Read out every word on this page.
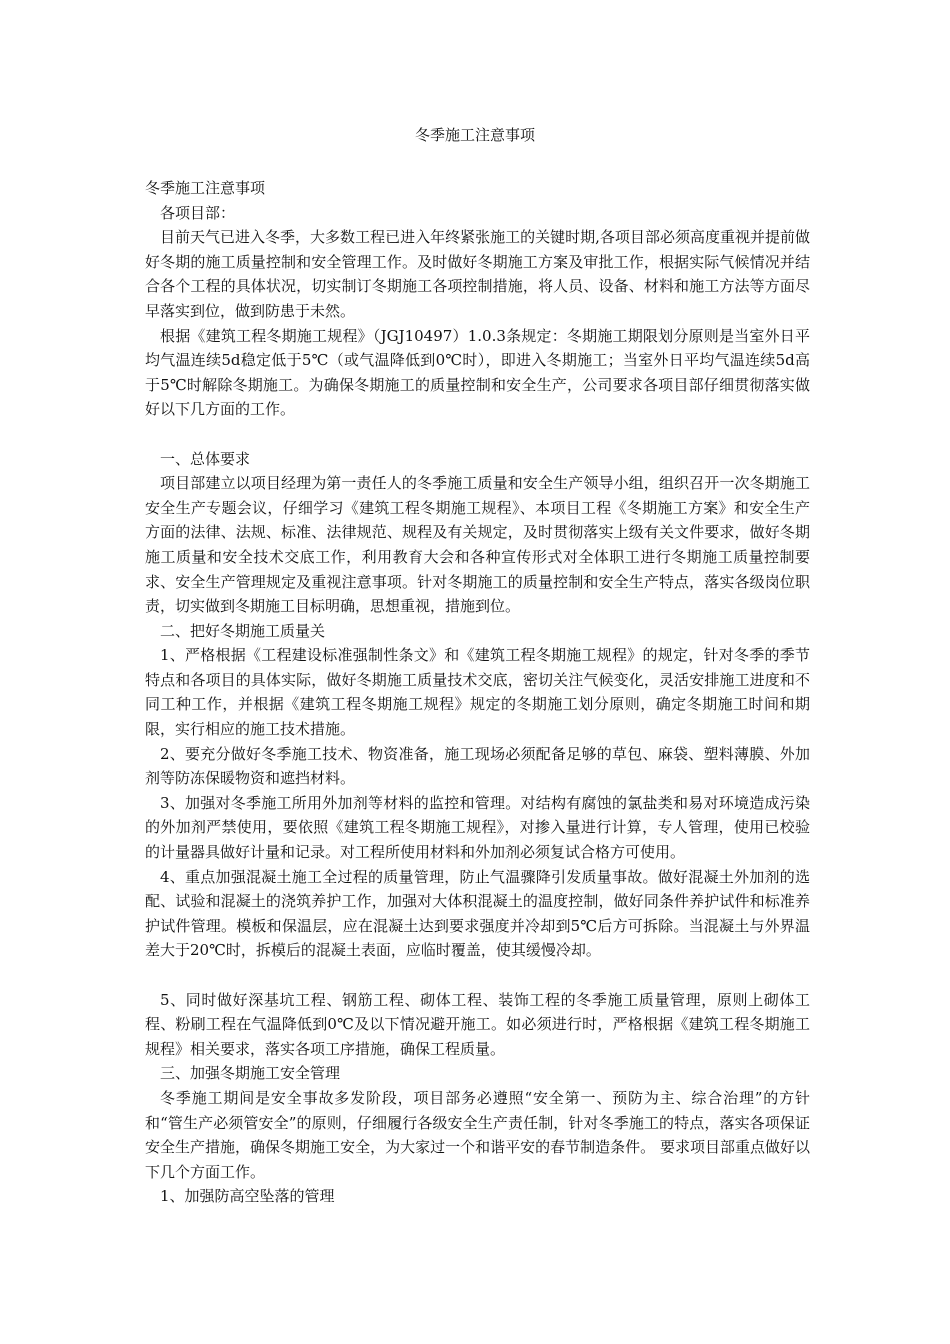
冬季施工注意事项

冬季施工注意事项

各项目部：

目前天气已进入冬季，大多数工程已进入年终紧张施工的关键时期,各项目部必须高度重视并提前做好冬期的施工质量控制和安全管理工作。及时做好冬期施工方案及审批工作，根据实际气候情况并结合各个工程的具体状况，切实制订冬期施工各项控制措施，将人员、设备、材料和施工方法等方面尽早落实到位，做到防患于未然。

根据《建筑工程冬期施工规程》（JGJ10497）1.0.3条规定：冬期施工期限划分原则是当室外日平均气温连续5d稳定低于5℃（或气温降低到0℃时），即进入冬期施工；当室外日平均气温连续5d高于5℃时解除冬期施工。为确保冬期施工的质量控制和安全生产，公司要求各项目部仔细贯彻落实做好以下几方面的工作。

一、总体要求

项目部建立以项目经理为第一责任人的冬季施工质量和安全生产领导小组，组织召开一次冬期施工安全生产专题会议，仔细学习《建筑工程冬期施工规程》、本项目工程《冬期施工方案》和安全生产方面的法律、法规、标准、法律规范、规程及有关规定，及时贯彻落实上级有关文件要求，做好冬期施工质量和安全技术交底工作，利用教育大会和各种宣传形式对全体职工进行冬期施工质量控制要求、安全生产管理规定及重视注意事项。针对冬期施工的质量控制和安全生产特点，落实各级岗位职责，切实做到冬期施工目标明确，思想重视，措施到位。

二、把好冬期施工质量关

1、严格根据《工程建设标准强制性条文》和《建筑工程冬期施工规程》的规定，针对冬季的季节特点和各项目的具体实际，做好冬期施工质量技术交底，密切关注气候变化，灵活安排施工进度和不同工种工作，并根据《建筑工程冬期施工规程》规定的冬期施工划分原则，确定冬期施工时间和期限，实行相应的施工技术措施。

2、要充分做好冬季施工技术、物资准备，施工现场必须配备足够的草包、麻袋、塑料薄膜、外加剂等防冻保暖物资和遮挡材料。

3、加强对冬季施工所用外加剂等材料的监控和管理。对结构有腐蚀的氯盐类和易对环境造成污染的外加剂严禁使用，要依照《建筑工程冬期施工规程》，对掺入量进行计算，专人管理，使用已校验的计量器具做好计量和记录。对工程所使用材料和外加剂必须复试合格方可使用。

4、重点加强混凝土施工全过程的质量管理，防止气温骤降引发质量事故。做好混凝土外加剂的选配、试验和混凝土的浇筑养护工作，加强对大体积混凝土的温度控制，做好同条件养护试件和标准养护试件管理。模板和保温层，应在混凝土达到要求强度并冷却到5℃后方可拆除。当混凝土与外界温差大于20℃时，拆模后的混凝土表面，应临时覆盖，使其缓慢冷却。

5、同时做好深基坑工程、钢筋工程、砌体工程、装饰工程的冬季施工质量管理，原则上砌体工程、粉刷工程在气温降低到0℃及以下情况避开施工。如必须进行时，严格根据《建筑工程冬期施工规程》相关要求，落实各项工序措施，确保工程质量。

三、加强冬期施工安全管理

冬季施工期间是安全事故多发阶段，项目部务必遵照“安全第一、预防为主、综合治理”的方针和“管生产必须管安全”的原则，仔细履行各级安全生产责任制，针对冬季施工的特点，落实各项保证安全生产措施，确保冬期施工安全，为大家过一个和谐平安的春节制造条件。 要求项目部重点做好以下几个方面工作。

1、加强防高空坠落的管理
